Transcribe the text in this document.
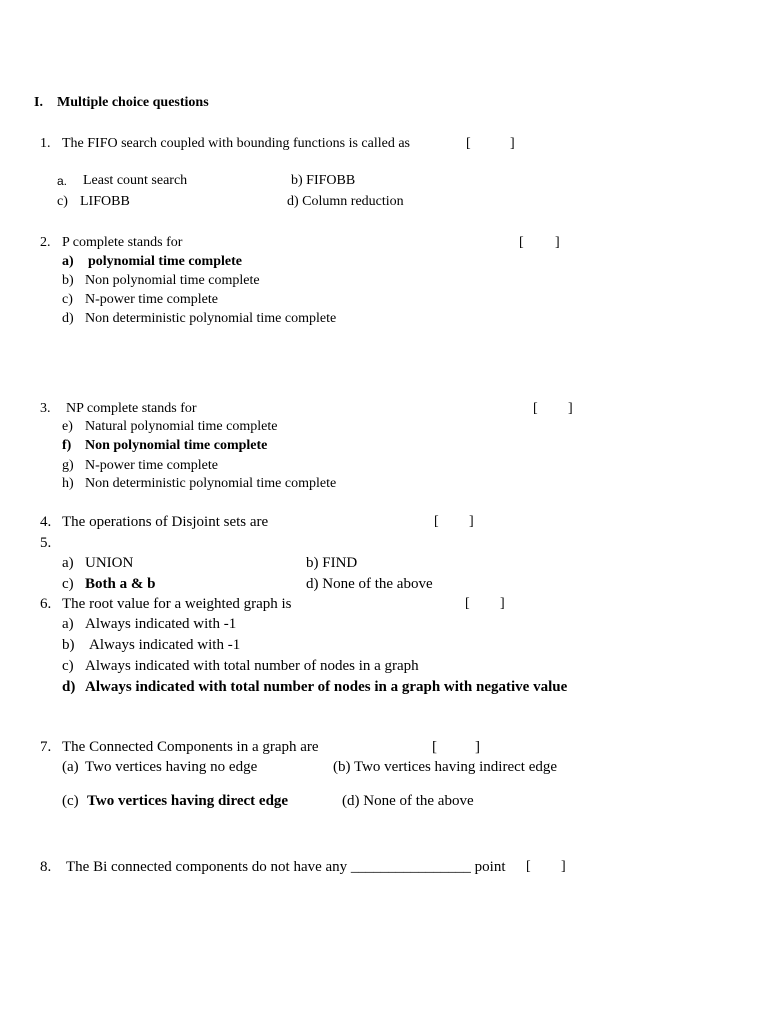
I. Multiple choice questions
1. The FIFO search coupled with bounding functions is called as	[	]
a. Least count search	b) FIFOBB
c) LIFOBB	d) Column reduction
2. P complete stands for	[ ]
a) polynomial time complete
b) Non polynomial time complete
c) N-power time complete
d) Non deterministic polynomial time complete
3. NP complete stands for	[ ]
e) Natural polynomial time complete
f) Non polynomial time complete
g) N-power time complete
h) Non deterministic polynomial time complete
4. The operations of Disjoint sets are	[ ]
5.
a) UNION	b) FIND
c) Both a & b	d) None of the above
6. The root value for a weighted graph is	[ ]
a) Always indicated with -1
b) Always indicated with -1
c) Always indicated with total number of nodes in a graph
d) Always indicated with total number of nodes in a graph with negative value
7. The Connected Components in a graph are	[	]
(a) Two vertices having no edge	(b) Two vertices having indirect edge
(c) Two vertices having direct edge	(d) None of the above
8. The Bi connected components do not have any ________________ point [ ]
